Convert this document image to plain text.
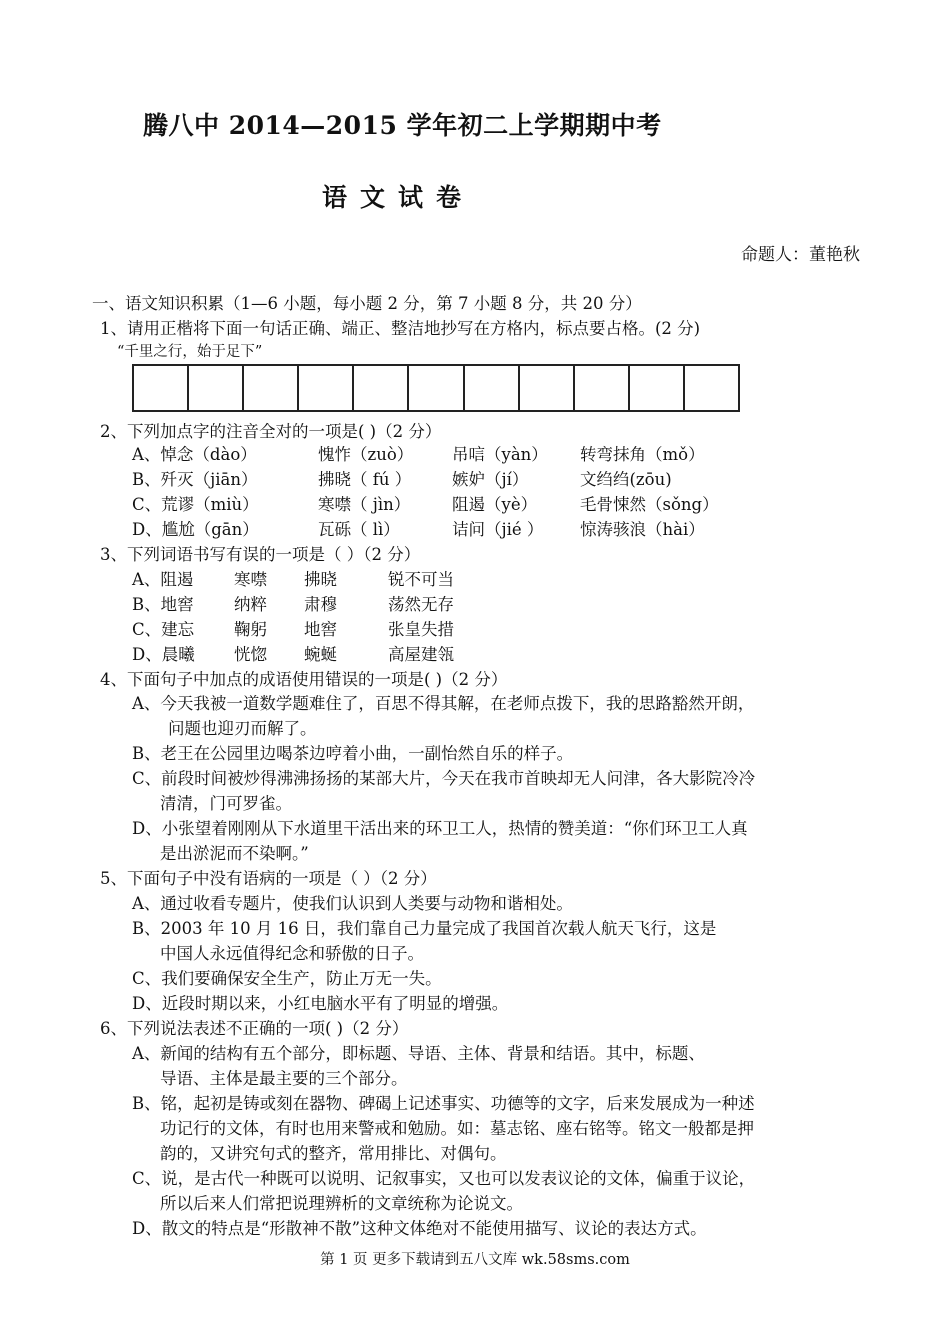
腾八中 2014—2015 学年初二上学期期中考
语文试卷
命题人：董艳秋
一、语文知识积累（1—6 小题，每小题 2 分，第 7 小题 8 分，共 20 分）
1、请用正楷将下面一句话正确、端正、整洁地抄写在方格内，标点要占格。(2 分)
“千里之行，始于足下”
2、下列加点字的注音全对的一项是( )（2 分）
A、悼念（dào）	愧怍（zuò） 吊唁（yàn） 转弯抹角（mǒ）
B、歼灭（jiān）	拂晓（ fú ） 嫉妒（jí）	文绉绉(zōu)
C、荒谬（miù）	寒噤（ jìn）	阻遏（yè）	毛骨悚然（sǒng）
D、尴尬（gān）	瓦砾（ lì）	诘问（jié ） 惊涛骇浪（hài）
3、下列词语书写有误的一项是（ ）（2 分）
A、阻遏 寒噤 拂晓	锐不可当
B、地窖 纳粹 肃穆	荡然无存
C、建忘 鞠躬 地窖	张皇失措
D、晨曦 恍惚 蜿蜒	高屋建瓴
4、下面句子中加点的成语使用错误的一项是( )（2 分）
A、今天我被一道数学题难住了，百思不得其解，在老师点拨下，我的思路豁然开朗，
问题也迎刃而解了。
B、老王在公园里边喝茶边哼着小曲，一副怡然自乐的样子。
C、前段时间被炒得沸沸扬扬的某部大片，今天在我市首映却无人问津，各大影院冷冷
清清，门可罗雀。
D、小张望着刚刚从下水道里干活出来的环卫工人，热情的赞美道：“你们环卫工人真
是出淤泥而不染啊。”
5、下面句子中没有语病的一项是（ ）（2 分）
A、通过收看专题片，使我们认识到人类要与动物和谐相处。
B、2003 年 10 月 16 日，我们靠自己力量完成了我国首次载人航天飞行，这是
中国人永远值得纪念和骄傲的日子。
C、我们要确保安全生产，防止万无一失。
D、近段时期以来，小红电脑水平有了明显的增强。
6、下列说法表述不正确的一项( )（2 分）
A、新闻的结构有五个部分，即标题、导语、主体、背景和结语。其中，标题、
导语、主体是最主要的三个部分。
B、铭，起初是铸或刻在器物、碑碣上记述事实、功德等的文字，后来发展成为一种述
功记行的文体，有时也用来警戒和勉励。如：墓志铭、座右铭等。铭文一般都是押
韵的，又讲究句式的整齐，常用排比、对偶句。
C、说，是古代一种既可以说明、记叙事实，又也可以发表议论的文体，偏重于议论，
所以后来人们常把说理辨析的文章统称为论说文。
D、散文的特点是“形散神不散”这种文体绝对不能使用描写、议论的表达方式。
第 1 页 更多下载请到五八文库 wk.58sms.com
